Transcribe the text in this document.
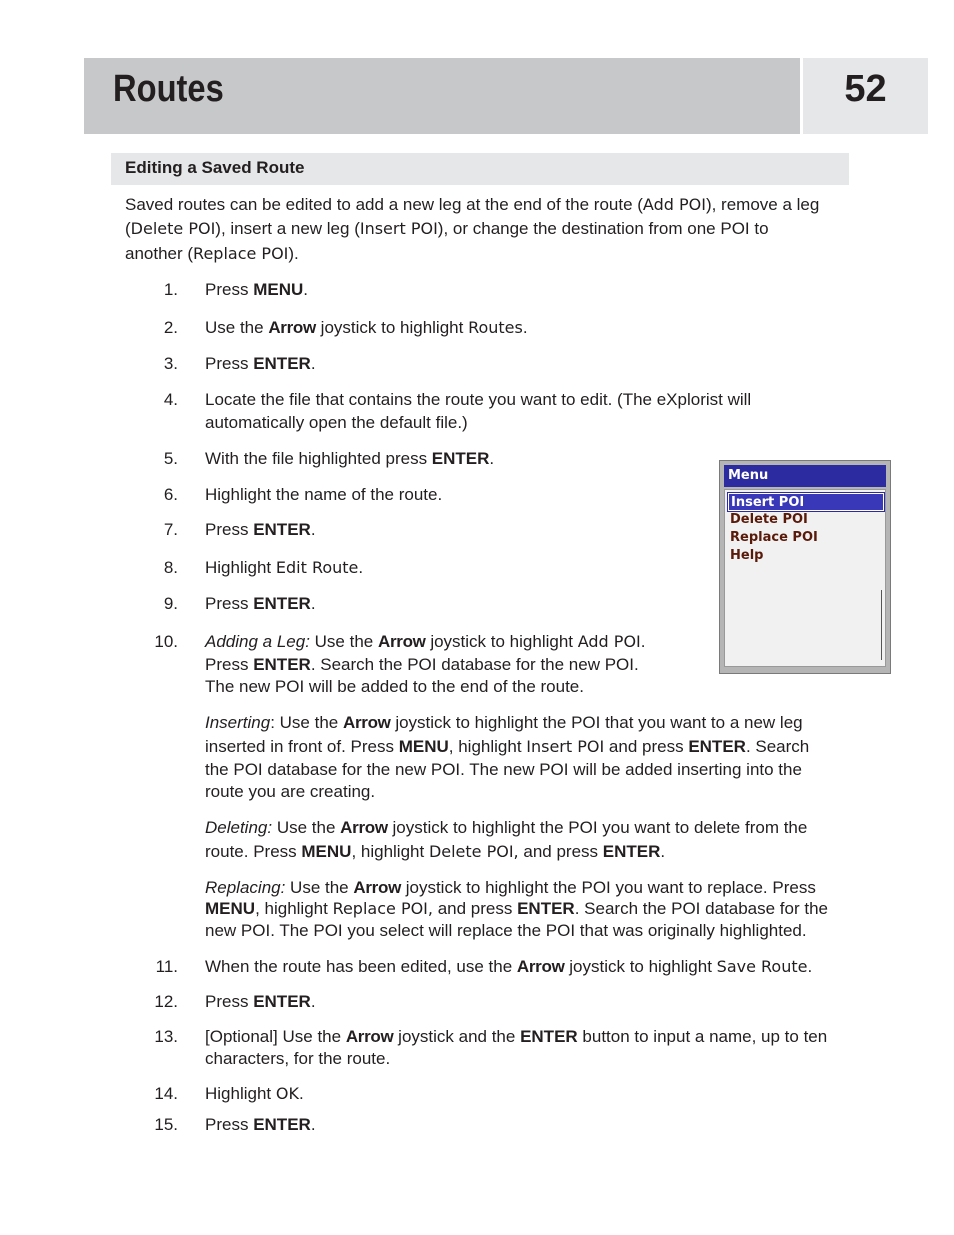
Routes	52
Editing a Saved Route
Saved routes can be edited to add a new leg at the end of the route (Add POI), remove a leg
(Delete POI), insert a new leg (Insert POI), or change the destination from one POI to
another (Replace POI).
1. Press MENU.
2. Use the Arrow joystick to highlight Routes.
3. Press ENTER.
4. Locate the file that contains the route you want to edit. (The eXplorist will
automatically open the default file.)
5. With the file highlighted press ENTER.
6. Highlight the name of the route.
7. Press ENTER.
8. Highlight Edit Route.
9. Press ENTER.
10. Adding a Leg: Use the Arrow joystick to highlight Add POI.
Press ENTER. Search the POI database for the new POI.
The new POI will be added to the end of the route.
Inserting: Use the Arrow joystick to highlight the POI that you want to a new leg
inserted in front of. Press MENU, highlight Insert POI and press ENTER. Search
the POI database for the new POI. The new POI will be added inserting into the
route you are creating.
Deleting: Use the Arrow joystick to highlight the POI you want to delete from the
route. Press MENU, highlight Delete POI, and press ENTER.
Replacing: Use the Arrow joystick to highlight the POI you want to replace. Press
MENU, highlight Replace POI, and press ENTER. Search the POI database for the
new POI. The POI you select will replace the POI that was originally highlighted.
11. When the route has been edited, use the Arrow joystick to highlight Save Route.
12. Press ENTER.
13. [Optional] Use the Arrow joystick and the ENTER button to input a name, up to ten
characters, for the route.
14. Highlight OK.
15. Press ENTER.
Menu
Insert POI
Delete POI
Replace POI
Help
